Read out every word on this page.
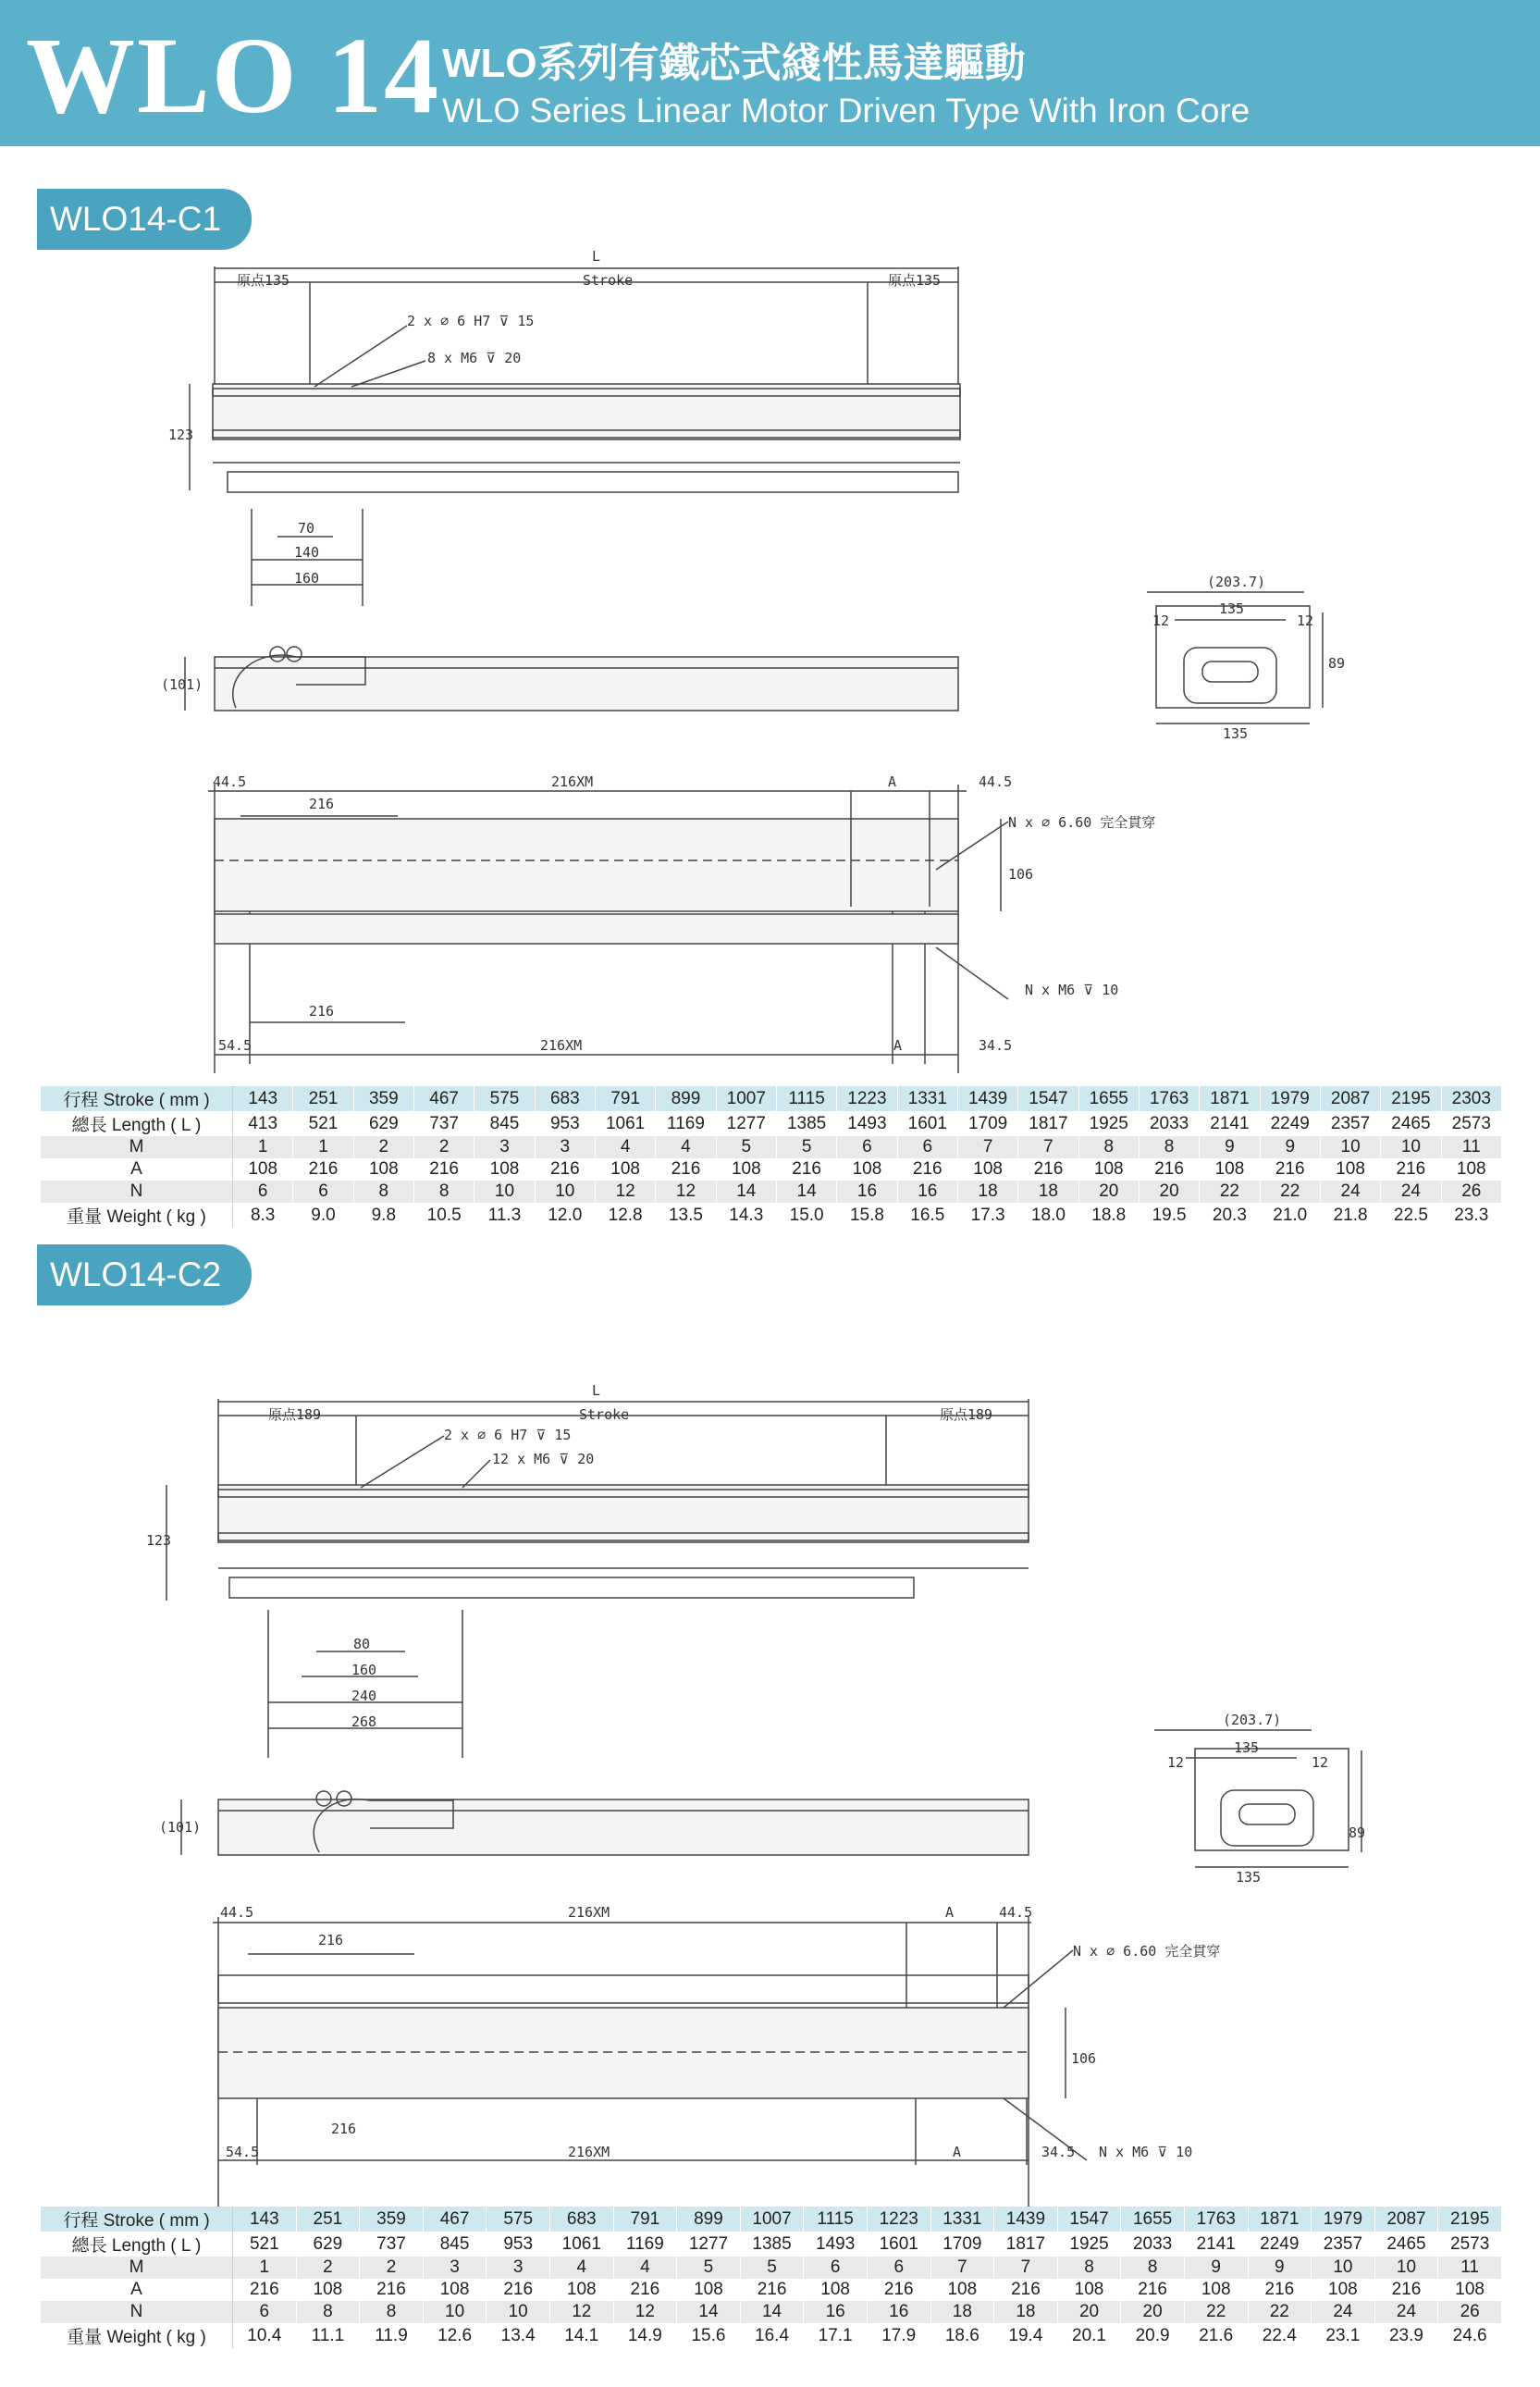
WLO 14 WLO系列有鐵芯式綫性馬達驅動
WLO Series Linear Motor Driven Type With Iron Core
WLO14-C1
L
Stroke
原点135	原点135
2 x ∅ 6 H7 ⊽ 15
8 x M6 ⊽ 20
123
70
140
160
(101)
(203.7)
135
12	12
89
135
44.5
216
216XM	A	44.5
N x ∅ 6.60 完全貫穿
106
N x M6 ⊽ 10
216
54.5	216XM	A	34.5
行程 Stroke ( mm )	143	251	359	467	575	683	791	899	1007	1115	1223	1331	1439	1547	1655	1763	1871	1979	2087	2195	2303
總長 Length ( L )	413	521	629	737	845	953	1061	1169	1277	1385	1493	1601	1709	1817	1925	2033	2141	2249	2357	2465	2573
M	1	1	2	2	3	3	4	4	5	5	6	6	7	7	8	8	9	9	10	10	11
A	108	216	108	216	108	216	108	216	108	216	108	216	108	216	108	216	108	216	108	216	108
N	6	6	8	8	10	10	12	12	14	14	16	16	18	18	20	20	22	22	24	24	26
重量 Weight ( kg )	8.3	9.0	9.8	10.5	11.3	12.0	12.8	13.5	14.3	15.0	15.8	16.5	17.3	18.0	18.8	19.5	20.3	21.0	21.8	22.5	23.3
WLO14-C2
L
Stroke
原点189	原点189
2 x ∅ 6 H7 ⊽ 15
12 x M6 ⊽ 20
123
80
160
240
268
(101)
(203.7)
135
12	12
89
135
44.5
216
216XM	A	44.5
N x ∅ 6.60 完全貫穿
106
N x M6 ⊽ 10
216
54.5	216XM	A	34.5
行程 Stroke ( mm )	143	251	359	467	575	683	791	899	1007	1115	1223	1331	1439	1547	1655	1763	1871	1979	2087	2195
總長 Length ( L )	521	629	737	845	953	1061	1169	1277	1385	1493	1601	1709	1817	1925	2033	2141	2249	2357	2465	2573
M	1	2	2	3	3	4	4	5	5	6	6	7	7	8	8	9	9	10	10	11
A	216	108	216	108	216	108	216	108	216	108	216	108	216	108	216	108	216	108	216	108
N	6	8	8	10	10	12	12	14	14	16	16	18	18	20	20	22	22	24	24	26
重量 Weight ( kg )	10.4	11.1	11.9	12.6	13.4	14.1	14.9	15.6	16.4	17.1	17.9	18.6	19.4	20.1	20.9	21.6	22.4	23.1	23.9	24.6
